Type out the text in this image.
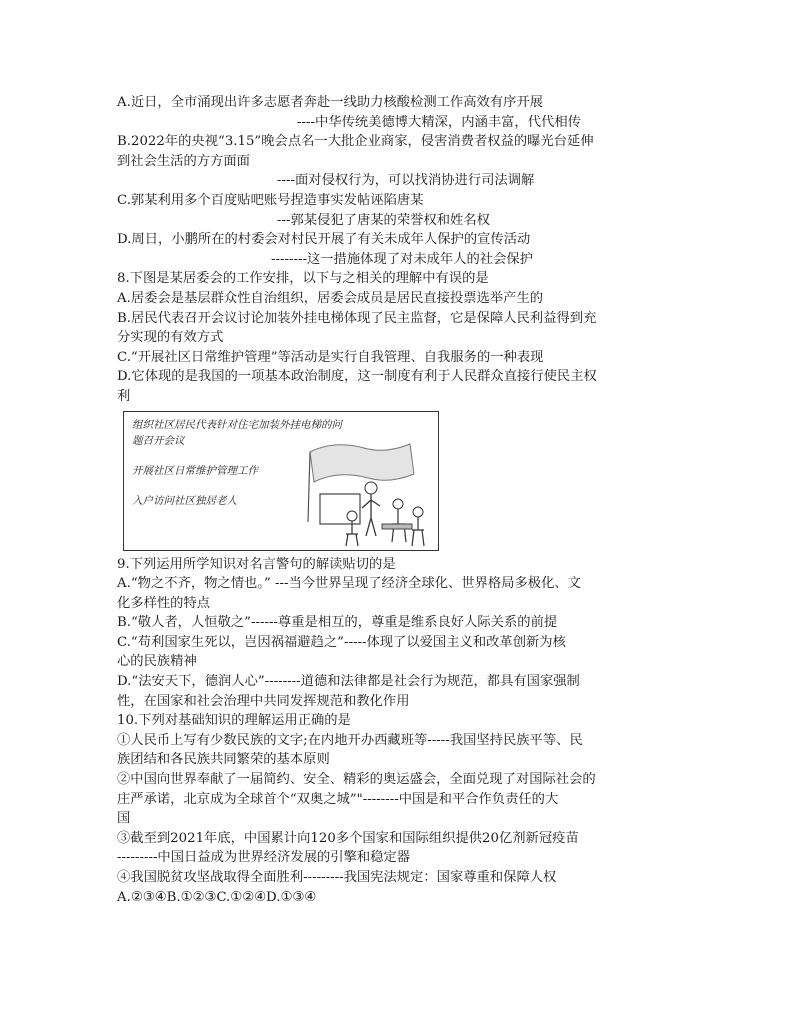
A.近日，全市涌现出许多志愿者奔赴一线助力核酸检测工作高效有序开展
----中华传统美德博大精深，内涵丰富，代代相传
B.2022年的央视“3.15”晚会点名一大批企业商家，侵害消费者权益的曝光台延伸
到社会生活的方方面面
----面对侵权行为，可以找消协进行司法调解
C.郭某利用多个百度贴吧账号捏造事实发帖诬陷唐某
---郭某侵犯了唐某的荣誉权和姓名权
D.周日，小鹏所在的村委会对村民开展了有关未成年人保护的宣传活动
--------这一措施体现了对未成年人的社会保护
8.下图是某居委会的工作安排，以下与之相关的理解中有误的是
A.居委会是基层群众性自治组织，居委会成员是居民直接投票选举产生的
B.居民代表召开会议讨论加装外挂电梯体现了民主监督，它是保障人民利益得到充
分实现的有效方式
C.“开展社区日常维护管理”等活动是实行自我管理、自我服务的一种表现
D.它体现的是我国的一项基本政治制度，这一制度有利于人民群众直接行使民主权
利
组织社区居民代表针对住宅加装外挂电梯的问
题召开会议
开展社区日常维护管理工作
入户访问社区独居老人
9.下列运用所学知识对名言警句的解读贴切的是
A.“物之不齐，物之情也。” ---当今世界呈现了经济全球化、世界格局多极化、文
化多样性的特点
B.“敬人者，人恒敬之”------尊重是相互的，尊重是维系良好人际关系的前提
C.“苟利国家生死以，岂因祸福避趋之”-----体现了以爱国主义和改革创新为核
心的民族精神
D.“法安天下，德润人心”--------道德和法律都是社会行为规范，都具有国家强制
性，在国家和社会治理中共同发挥规范和教化作用
10.下列对基础知识的理解运用正确的是
①人民币上写有少数民族的文字;在内地开办西藏班等-----我国坚持民族平等、民
族团结和各民族共同繁荣的基本原则
②中国向世界奉献了一届简约、安全、精彩的奥运盛会，全面兑现了对国际社会的
庄严承诺，北京成为全球首个“双奥之城”"--------中国是和平合作负责任的大
国
③截至到2021年底，中国累计向120多个国家和国际组织提供20亿剂新冠疫苗
---------中国日益成为世界经济发展的引擎和稳定器
④我国脱贫攻坚战取得全面胜利---------我国宪法规定：国家尊重和保障人权
A.②③④B.①②③C.①②④D.①③④
